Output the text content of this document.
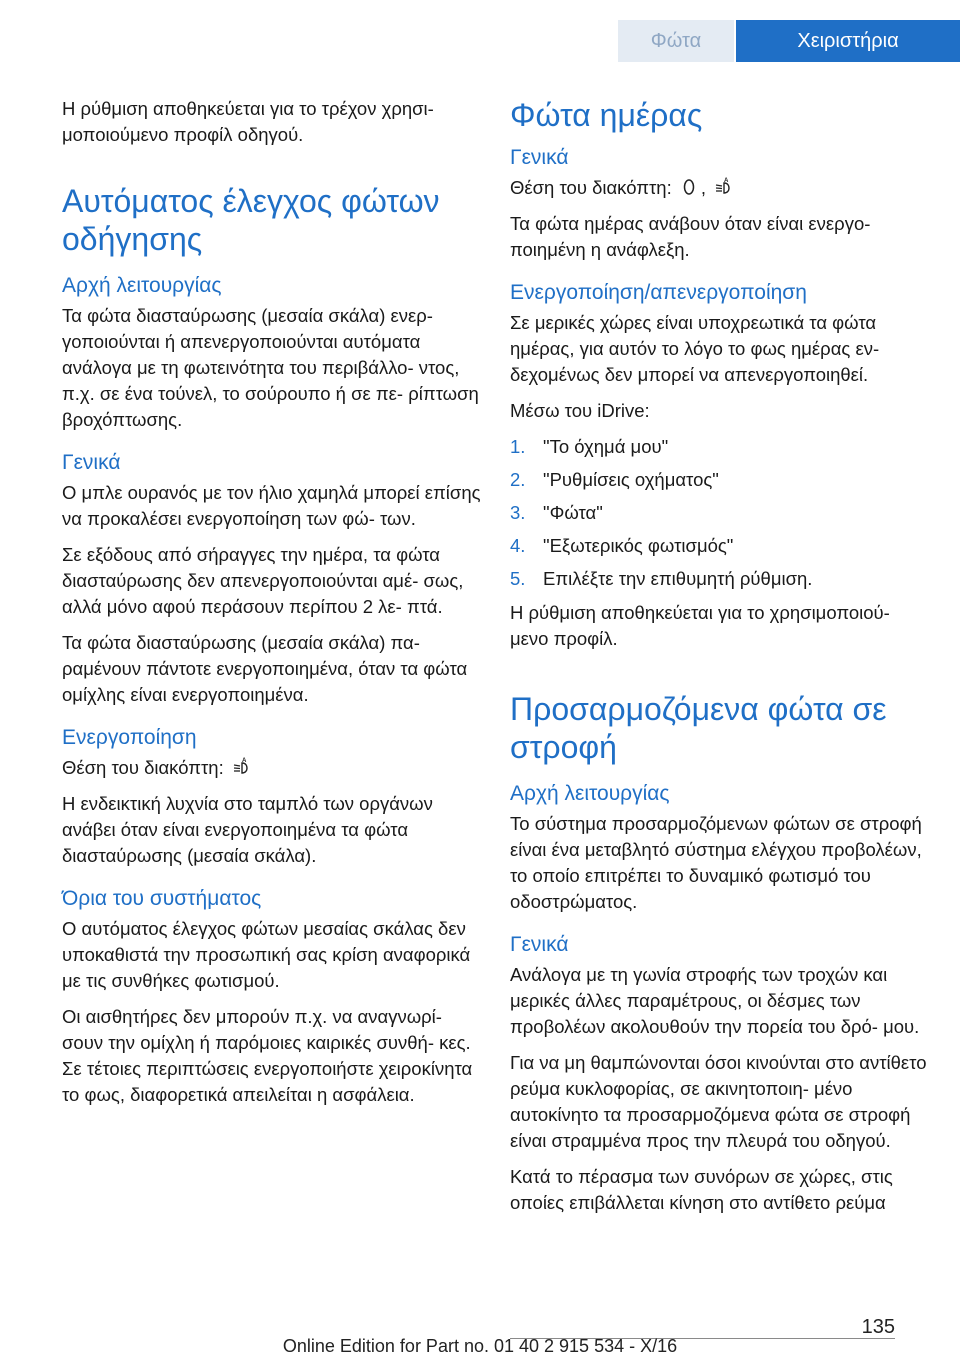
Φώτα	Χειριστήρια

Η ρύθμιση αποθηκεύεται για το τρέχον χρησι‐ μοποιούμενο προφίλ οδηγού.

Αυτόματος έλεγχος φώτων οδήγησης
Αρχή λειτουργίας

Τα φώτα διασταύρωσης (μεσαία σκάλα) ενερ‐ γοποιούνται ή απενεργοποιούνται αυτόματα ανάλογα με τη φωτεινότητα του περιβάλλο‐ ντος, π.χ. σε ένα τούνελ, το σούρουπο ή σε πε‐ ρίπτωση βροχόπτωσης.

Γενικά

Ο μπλε ουρανός με τον ήλιο χαμηλά μπορεί επίσης να προκαλέσει ενεργοποίηση των φώ‐ των.

Σε εξόδους από σήραγγες την ημέρα, τα φώτα διασταύρωσης δεν απενεργοποιούνται αμέ‐ σως, αλλά μόνο αφού περάσουν περίπου 2 λε‐ πτά.

Τα φώτα διασταύρωσης (μεσαία σκάλα) πα‐ ραμένουν πάντοτε ενεργοποιημένα, όταν τα φώτα ομίχλης είναι ενεργοποιημένα.

Ενεργοποίηση

Θέση του διακόπτη:	A

Η ενδεικτική λυχνία στο ταμπλό των οργάνων ανάβει όταν είναι ενεργοποιημένα τα φώτα διασταύρωσης (μεσαία σκάλα).

Όρια του συστήματος

Ο αυτόματος έλεγχος φώτων μεσαίας σκάλας δεν υποκαθιστά την προσωπική σας κρίση αναφορικά με τις συνθήκες φωτισμού.

Οι αισθητήρες δεν μπορούν π.χ. να αναγνωρί‐ σουν την ομίχλη ή παρόμοιες καιρικές συνθή‐ κες. Σε τέτοιες περιπτώσεις ενεργοποιήστε χειροκίνητα το φως, διαφορετικά απειλείται η ασφάλεια.

Φώτα ημέρας
Γενικά

Θέση του διακόπτη: ,	A

Τα φώτα ημέρας ανάβουν όταν είναι ενεργο‐ ποιημένη η ανάφλεξη.

Ενεργοποίηση/απενεργοποίηση

Σε μερικές χώρες είναι υποχρεωτικά τα φώτα ημέρας, για αυτόν το λόγο το φως ημέρας εν‐ δεχομένως δεν μπορεί να απενεργοποιηθεί.

Μέσω του iDrive:

1. "Το όχημά μου"
2. "Ρυθμίσεις οχήματος"
3. "Φώτα"
4. "Εξωτερικός φωτισμός"
5. Επιλέξτε την επιθυμητή ρύθμιση.

Η ρύθμιση αποθηκεύεται για το χρησιμοποιού‐ μενο προφίλ.

Προσαρμοζόμενα φώτα σε στροφή
Αρχή λειτουργίας

Το σύστημα προσαρμοζόμενων φώτων σε στροφή είναι ένα μεταβλητό σύστημα ελέγχου προβολέων, το οποίο επιτρέπει το δυναμικό φωτισμό του οδοστρώματος.

Γενικά

Ανάλογα με τη γωνία στροφής των τροχών και μερικές άλλες παραμέτρους, οι δέσμες των προβολέων ακολουθούν την πορεία του δρό‐ μου.

Για να μη θαμπώνονται όσοι κινούνται στο αντίθετο ρεύμα κυκλοφορίας, σε ακινητοποιη‐ μένο αυτοκίνητο τα προσαρμοζόμενα φώτα σε στροφή είναι στραμμένα προς την πλευρά του οδηγού.

Κατά το πέρασμα των συνόρων σε χώρες, στις οποίες επιβάλλεται κίνηση στο αντίθετο ρεύμα

135
Online Edition for Part no. 01 40 2 915 534 - X/16
